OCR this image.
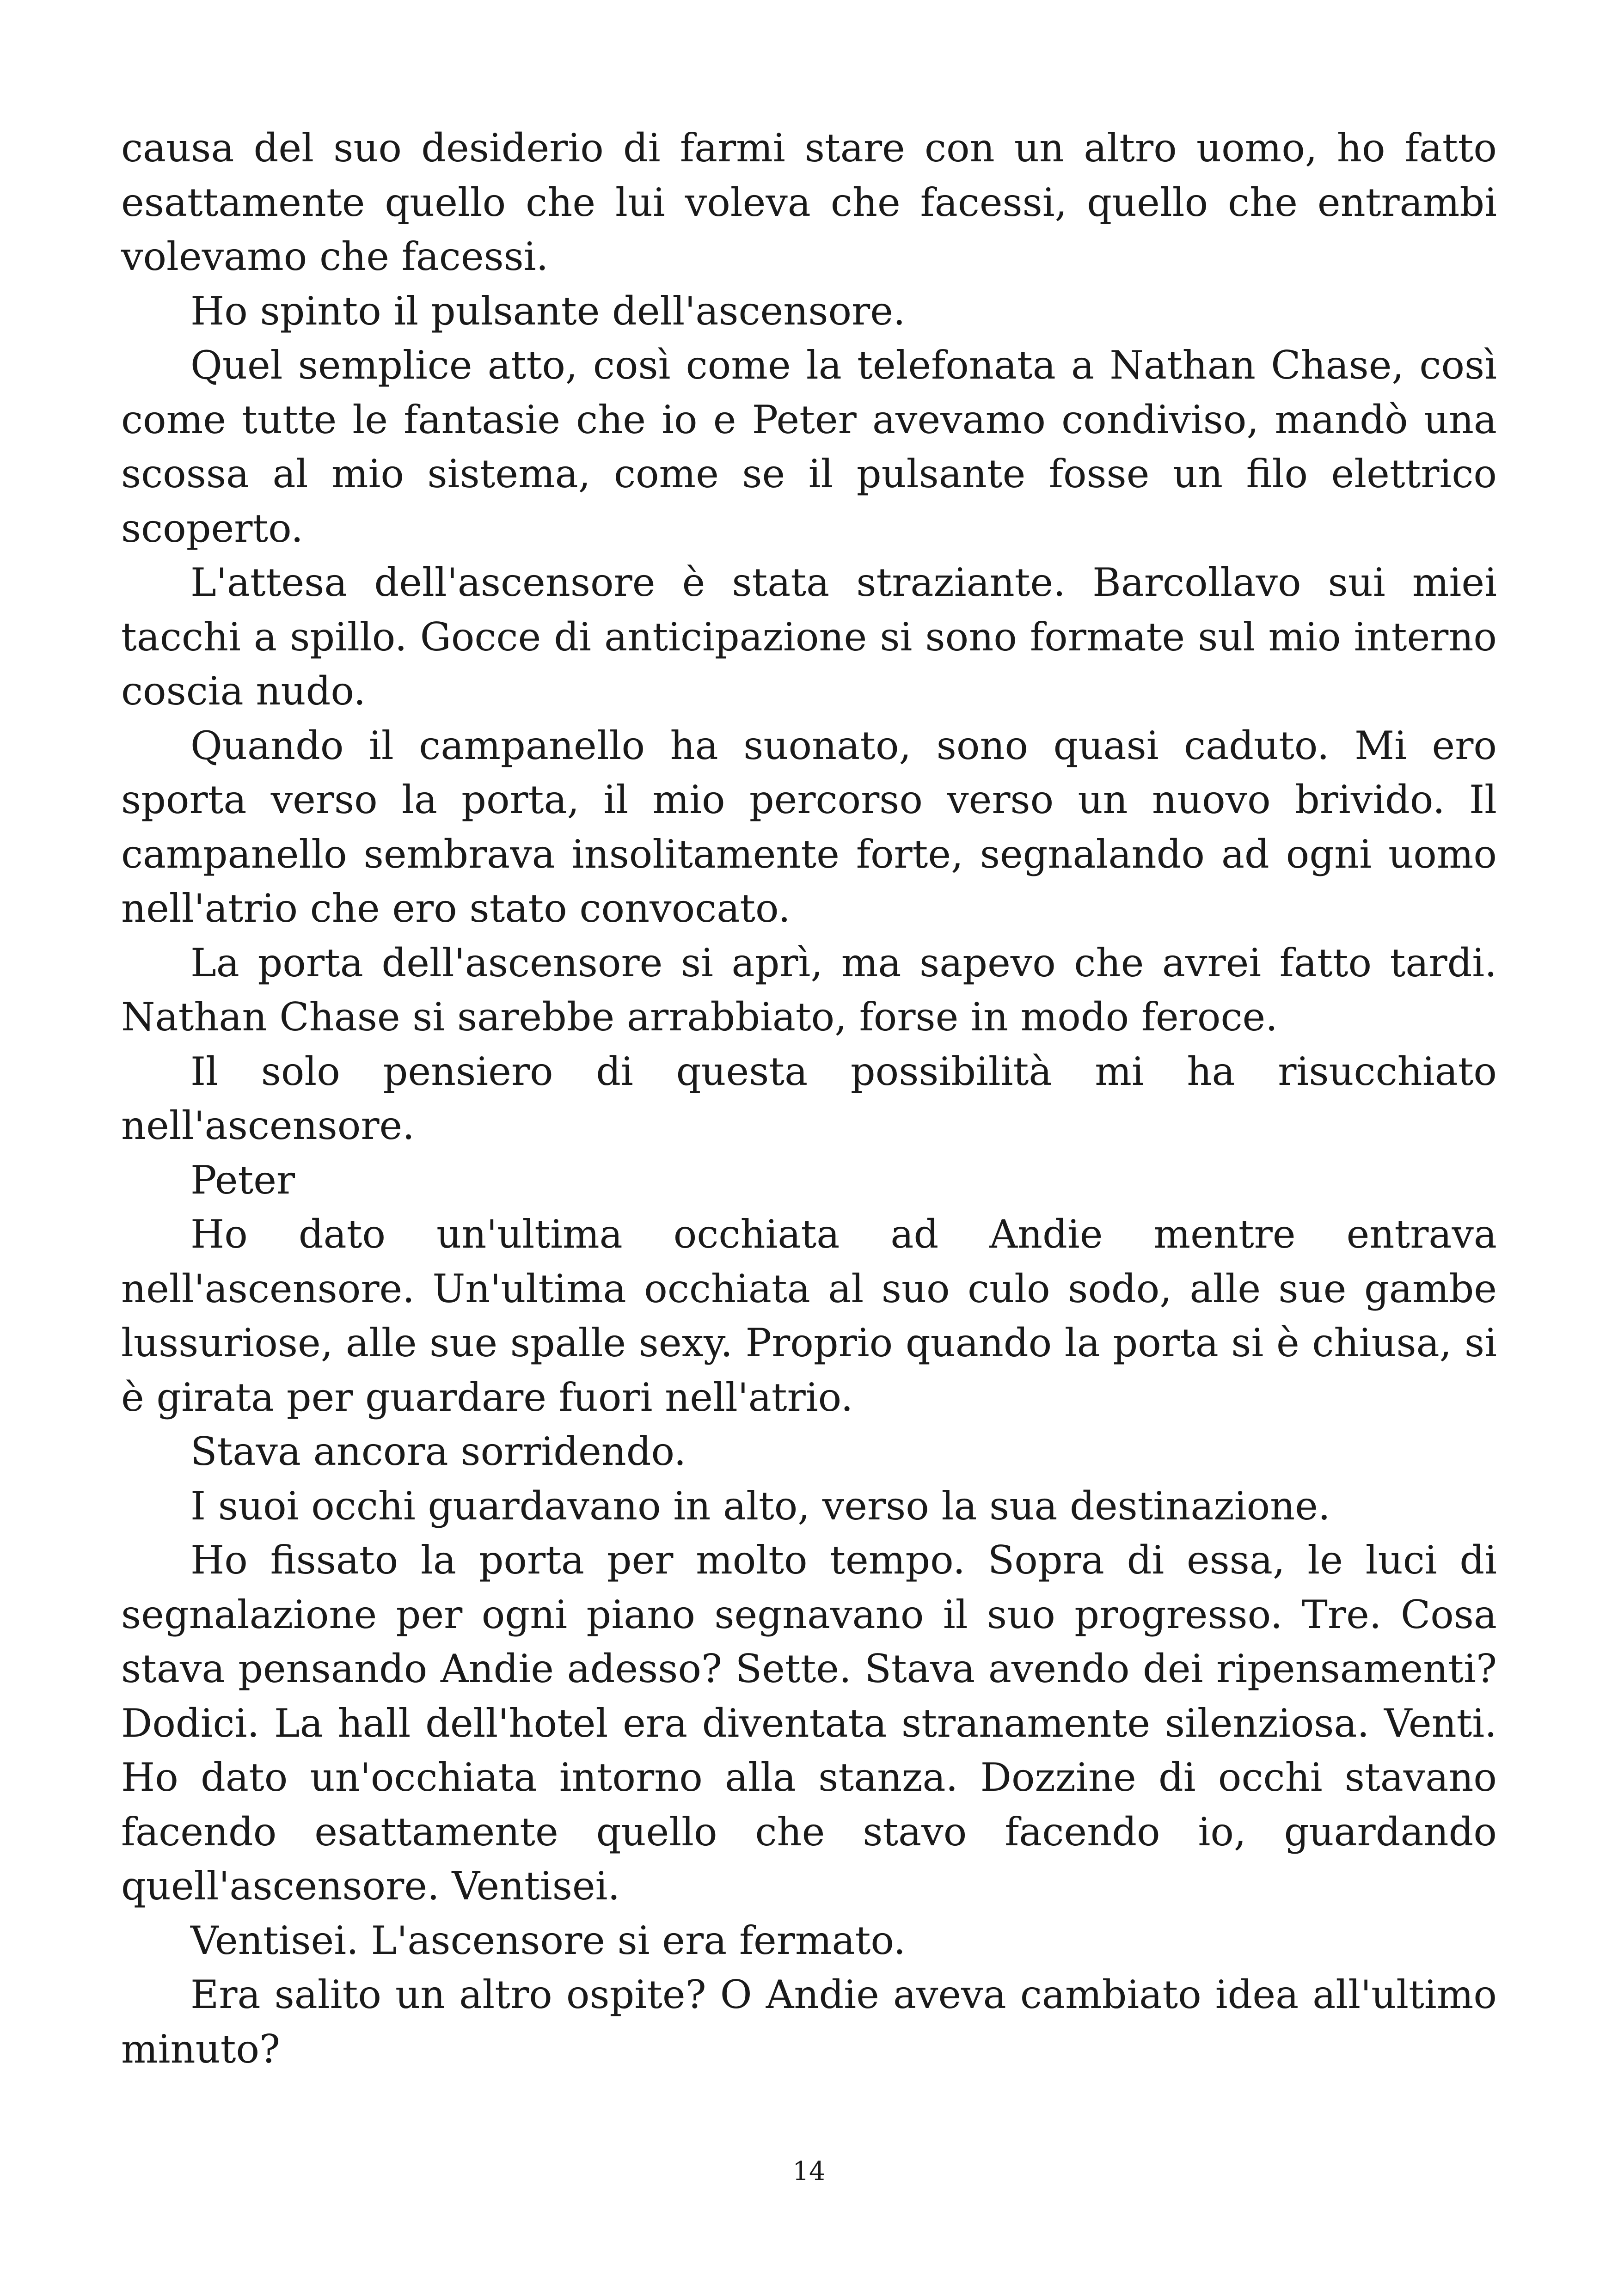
causa del suo desiderio di farmi stare con un altro uomo, ho fatto esattamente quello che lui voleva che facessi, quello che entrambi volevamo che facessi.

Ho spinto il pulsante dell'ascensore.

Quel semplice atto, così come la telefonata a Nathan Chase, così come tutte le fantasie che io e Peter avevamo condiviso, mandò una scossa al mio sistema, come se il pulsante fosse un filo elettrico scoperto.

L'attesa dell'ascensore è stata straziante. Barcollavo sui miei tacchi a spillo. Gocce di anticipazione si sono formate sul mio interno coscia nudo.

Quando il campanello ha suonato, sono quasi caduto. Mi ero sporta verso la porta, il mio percorso verso un nuovo brivido. Il campanello sembrava insolitamente forte, segnalando ad ogni uomo nell'atrio che ero stato convocato.

La porta dell'ascensore si aprì, ma sapevo che avrei fatto tardi. Nathan Chase si sarebbe arrabbiato, forse in modo feroce.

Il solo pensiero di questa possibilità mi ha risucchiato nell'ascensore.

Peter

Ho dato un'ultima occhiata ad Andie mentre entrava nell'ascensore. Un'ultima occhiata al suo culo sodo, alle sue gambe lussuriose, alle sue spalle sexy. Proprio quando la porta si è chiusa, si è girata per guardare fuori nell'atrio.

Stava ancora sorridendo.

I suoi occhi guardavano in alto, verso la sua destinazione.

Ho fissato la porta per molto tempo. Sopra di essa, le luci di segnalazione per ogni piano segnavano il suo progresso. Tre. Cosa stava pensando Andie adesso? Sette. Stava avendo dei ripensamenti? Dodici. La hall dell'hotel era diventata stranamente silenziosa. Venti. Ho dato un'occhiata intorno alla stanza. Dozzine di occhi stavano facendo esattamente quello che stavo facendo io, guardando quell'ascensore. Ventisei.

Ventisei. L'ascensore si era fermato.

Era salito un altro ospite? O Andie aveva cambiato idea all'ultimo minuto?

14
